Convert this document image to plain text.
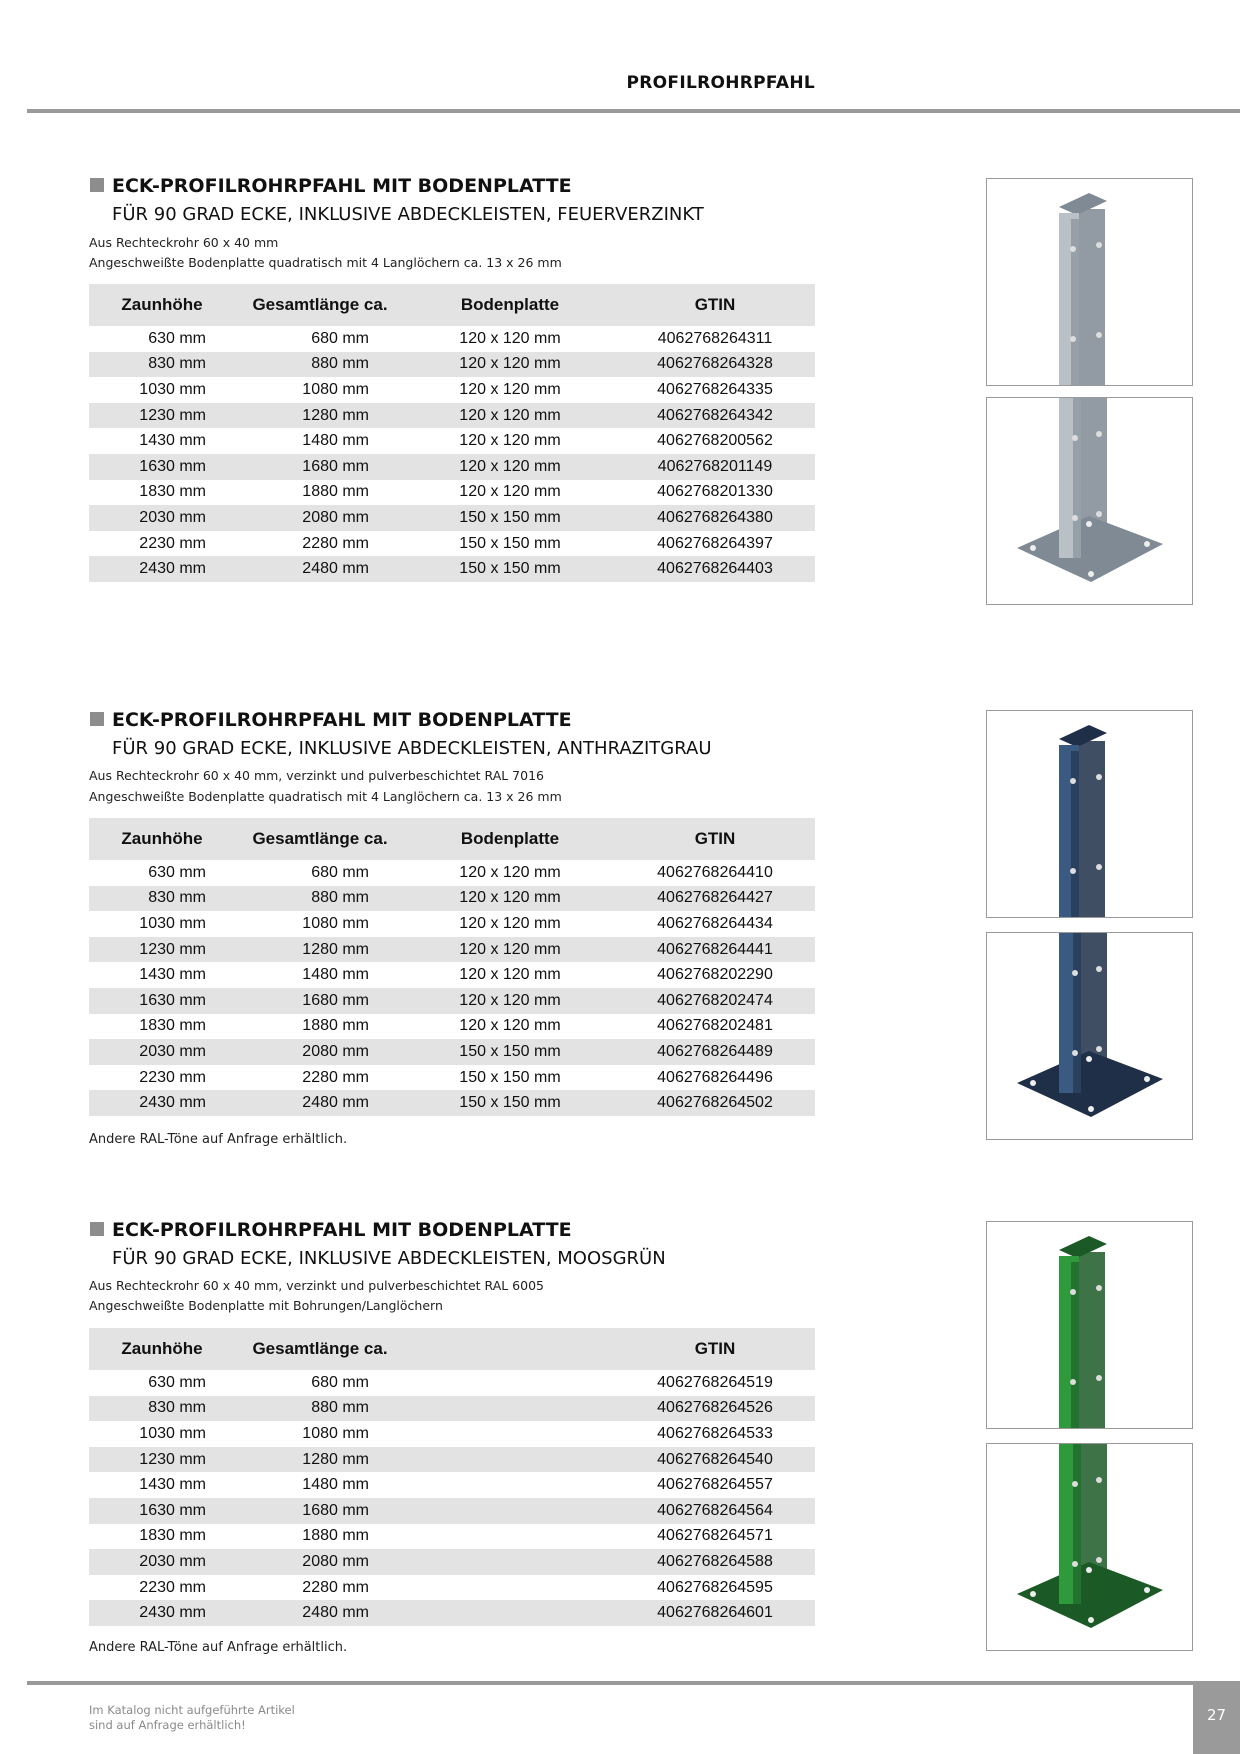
PROFILROHRPFAHL
ECK-PROFILROHRPFAHL MIT BODENPLATTE
FÜR 90 GRAD ECKE, INKLUSIVE ABDECKLEISTEN, FEUERVERZINKT
Aus Rechteckrohr 60 x 40 mm
Angeschweißte Bodenplatte quadratisch mit 4 Langlöchern ca. 13 x 26 mm
Zaunhöhe	Gesamtlänge ca.	Bodenplatte	GTIN
630 mm	680 mm	120 x 120 mm	4062768264311
830 mm	880 mm	120 x 120 mm	4062768264328
1030 mm	1080 mm	120 x 120 mm	4062768264335
1230 mm	1280 mm	120 x 120 mm	4062768264342
1430 mm	1480 mm	120 x 120 mm	4062768200562
1630 mm	1680 mm	120 x 120 mm	4062768201149
1830 mm	1880 mm	120 x 120 mm	4062768201330
2030 mm	2080 mm	150 x 150 mm	4062768264380
2230 mm	2280 mm	150 x 150 mm	4062768264397
2430 mm	2480 mm	150 x 150 mm	4062768264403
ECK-PROFILROHRPFAHL MIT BODENPLATTE
FÜR 90 GRAD ECKE, INKLUSIVE ABDECKLEISTEN, ANTHRAZITGRAU
Aus Rechteckrohr 60 x 40 mm, verzinkt und pulverbeschichtet RAL 7016
Angeschweißte Bodenplatte quadratisch mit 4 Langlöchern ca. 13 x 26 mm
Zaunhöhe	Gesamtlänge ca.	Bodenplatte	GTIN
630 mm	680 mm	120 x 120 mm	4062768264410
830 mm	880 mm	120 x 120 mm	4062768264427
1030 mm	1080 mm	120 x 120 mm	4062768264434
1230 mm	1280 mm	120 x 120 mm	4062768264441
1430 mm	1480 mm	120 x 120 mm	4062768202290
1630 mm	1680 mm	120 x 120 mm	4062768202474
1830 mm	1880 mm	120 x 120 mm	4062768202481
2030 mm	2080 mm	150 x 150 mm	4062768264489
2230 mm	2280 mm	150 x 150 mm	4062768264496
2430 mm	2480 mm	150 x 150 mm	4062768264502
Andere RAL-Töne auf Anfrage erhältlich.
ECK-PROFILROHRPFAHL MIT BODENPLATTE
FÜR 90 GRAD ECKE, INKLUSIVE ABDECKLEISTEN, MOOSGRÜN
Aus Rechteckrohr 60 x 40 mm, verzinkt und pulverbeschichtet RAL 6005
Angeschweißte Bodenplatte mit Bohrungen/Langlöchern
Zaunhöhe	Gesamtlänge ca.		GTIN
630 mm	680 mm		4062768264519
830 mm	880 mm		4062768264526
1030 mm	1080 mm		4062768264533
1230 mm	1280 mm		4062768264540
1430 mm	1480 mm		4062768264557
1630 mm	1680 mm		4062768264564
1830 mm	1880 mm		4062768264571
2030 mm	2080 mm		4062768264588
2230 mm	2280 mm		4062768264595
2430 mm	2480 mm		4062768264601
Andere RAL-Töne auf Anfrage erhältlich.
Im Katalog nicht aufgeführte Artikel
sind auf Anfrage erhältlich!
27
